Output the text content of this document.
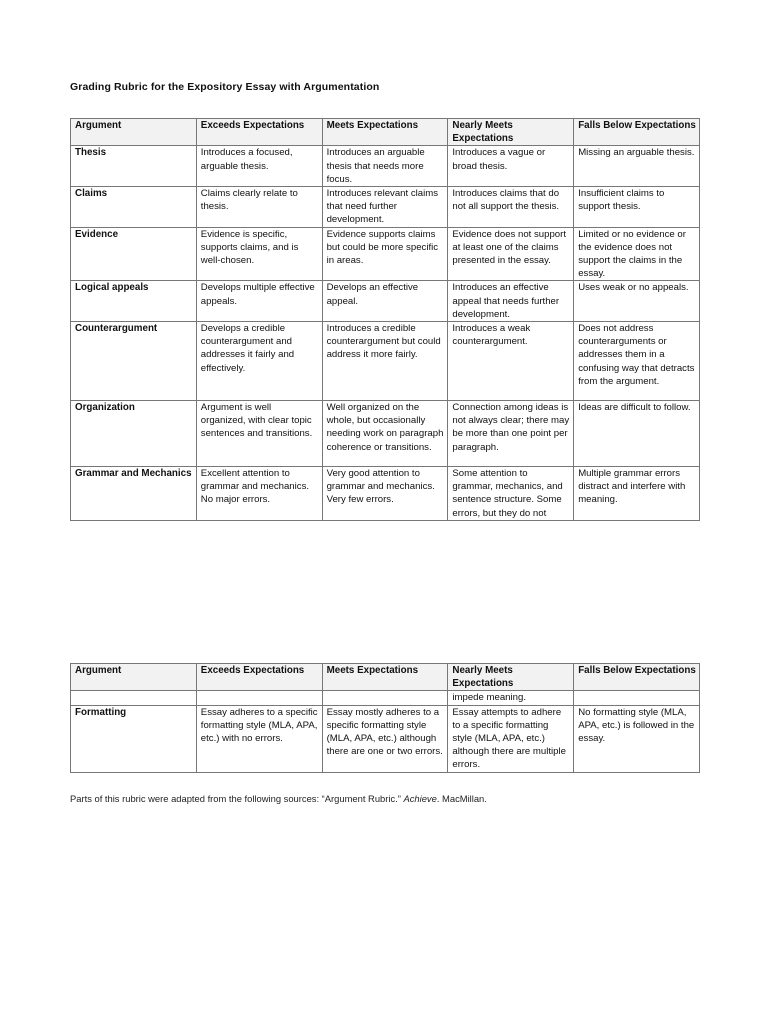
Grading Rubric for the Expository Essay with Argumentation
Argument	Exceeds Expectations	Meets Expectations	Nearly Meets Expectations	Falls Below Expectations
Thesis	Introduces a focused, arguable thesis.	Introduces an arguable thesis that needs more focus.	Introduces a vague or broad thesis.	Missing an arguable thesis.
Claims	Claims clearly relate to thesis.	Introduces relevant claims that need further development.	Introduces claims that do not all support the thesis.	Insufficient claims to support thesis.
Evidence	Evidence is specific, supports claims, and is well-chosen.	Evidence supports claims but could be more specific in areas.	Evidence does not support at least one of the claims presented in the essay.	Limited or no evidence or the evidence does not support the claims in the essay.
Logical appeals	Develops multiple effective appeals.	Develops an effective appeal.	Introduces an effective appeal that needs further development.	Uses weak or no appeals.
Counterargument	Develops a credible counterargument and addresses it fairly and effectively.	Introduces a credible counterargument but could address it more fairly.	Introduces a weak counterargument.	Does not address counterarguments or addresses them in a confusing way that detracts from the argument.
Organization	Argument is well organized, with clear topic sentences and transitions.	Well organized on the whole, but occasionally needing work on paragraph coherence or transitions.	Connection among ideas is not always clear; there may be more than one point per paragraph.	Ideas are difficult to follow.
Grammar and Mechanics	Excellent attention to grammar and mechanics. No major errors.	Very good attention to grammar and mechanics. Very few errors.	Some attention to grammar, mechanics, and sentence structure. Some errors, but they do not	Multiple grammar errors distract and interfere with meaning.
Argument	Exceeds Expectations	Meets Expectations	Nearly Meets Expectations	Falls Below Expectations
			impede meaning.	
Formatting	Essay adheres to a specific formatting style (MLA, APA, etc.) with no errors.	Essay mostly adheres to a specific formatting style (MLA, APA, etc.) although there are one or two errors.	Essay attempts to adhere to a specific formatting style (MLA, APA, etc.) although there are multiple errors.	No formatting style (MLA, APA, etc.) is followed in the essay.
Parts of this rubric were adapted from the following sources: “Argument Rubric.” Achieve. MacMillan.
